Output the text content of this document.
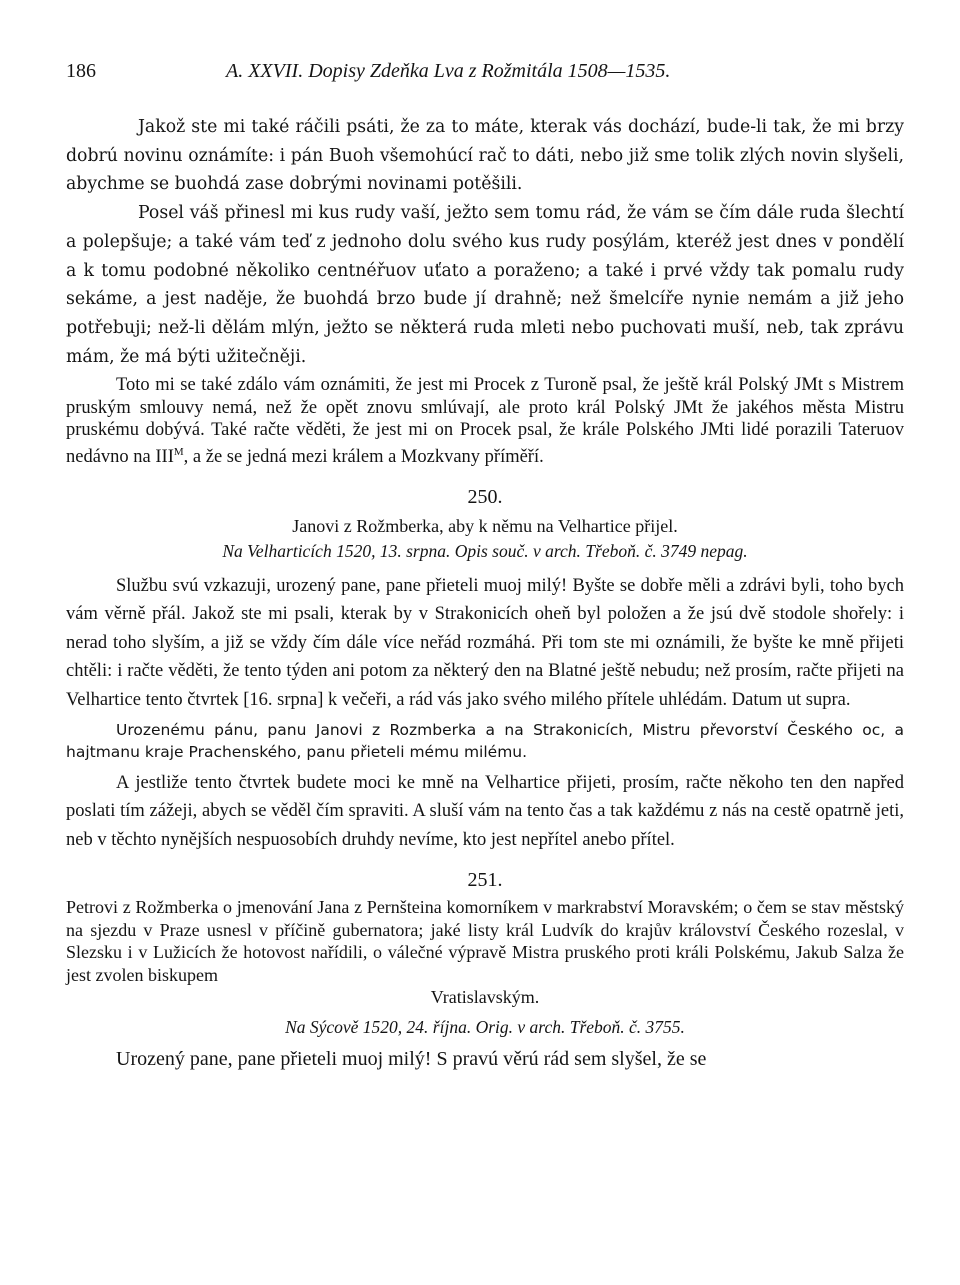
186	A. XXVII. Dopisy Zdeňka Lva z Rožmitála 1508—1535.

Jakož ste mi také ráčili psáti, že za to máte, kterak vás dochází, bude-li tak, že mi brzy dobrú novinu oznámíte: i pán Buoh všemohúcí rač to dáti, nebo již sme tolik zlých novin slyšeli, abychme se buohdá zase dobrými novinami potěšili.

Posel váš přinesl mi kus rudy vaší, ježto sem tomu rád, že vám se čím dále ruda šlechtí a polepšuje; a také vám teď z jednoho dolu svého kus rudy posýlám, kteréž jest dnes v pondělí a k tomu podobné několiko centnéřuov uťato a poraženo; a také i prvé vždy tak pomalu rudy sekáme, a jest naděje, že buohdá brzo bude jí drahně; než šmelcíře nynie nemám a již jeho potřebuji; než-li dělám mlýn, ježto se některá ruda mleti nebo puchovati muší, neb, tak zprávu mám, že má býti užitečněji.

Toto mi se také zdálo vám oznámiti, že jest mi Procek z Turoně psal, že ještě král Polský JMt s Mistrem pruským smlouvy nemá, než že opět znovu smlúvají, ale proto král Polský JMt že jakéhos města Mistru pruskému dobývá. Také račte věděti, že jest mi on Procek psal, že krále Polského JMti lidé porazili Tateruov nedávno na $III^M$, a že se jedná mezi králem a Mozkvany příměří.

250.

Janovi z Rožmberka, aby k němu na Velhartice přijel.

Na Velharticích 1520, 13. srpna. Opis souč. v arch. Třeboň. č. 3749 nepag.

Službu svú vzkazuji, urozený pane, pane přieteli muoj milý! Byšte se dobře měli a zdrávi byli, toho bych vám věrně přál. Jakož ste mi psali, kterak by v Strakonicích oheň byl položen a že jsú dvě stodole shořely: i nerad toho slyším, a již se vždy čím dále více neřád rozmáhá. Při tom ste mi oznámili, že byšte ke mně přijeti chtěli: i račte věděti, že tento týden ani potom za některý den na Blatné ještě nebudu; než prosím, račte přijeti na Velhartice tento čtvrtek [16. srpna] k večeři, a rád vás jako svého milého přítele uhlédám. Datum ut supra.

Urozenému pánu, panu Janovi z Rozmberka a na Strakonicích, Mistru převorství Českého oc, a hajtmanu kraje Prachenského, panu přieteli mému milému.

A jestliže tento čtvrtek budete moci ke mně na Velhartice přijeti, prosím, račte někoho ten den napřed poslati tím zážeji, abych se věděl čím spraviti. A sluší vám na tento čas a tak každému z nás na cestě opatrně jeti, neb v těchto nynějších nespuosobích druhdy nevíme, kto jest nepřítel anebo přítel.

251.

Petrovi z Rožmberka o jmenování Jana z Pernšteina komorníkem v markrabství Moravském; o čem se stav městský na sjezdu v Praze usnesl v příčině gubernatora; jaké listy král Ludvík do krajův království Českého rozeslal, v Slezsku i v Lužicích že hotovost nařídili, o válečné výpravě Mistra pruského proti králi Polskému, Jakub Salza že jest zvolen biskupem

Vratislavským.

Na Sýcově 1520, 24. října. Orig. v arch. Třeboň. č. 3755.

Urozený pane, pane přieteli muoj milý! S pravú věrú rád sem slyšel, že se
